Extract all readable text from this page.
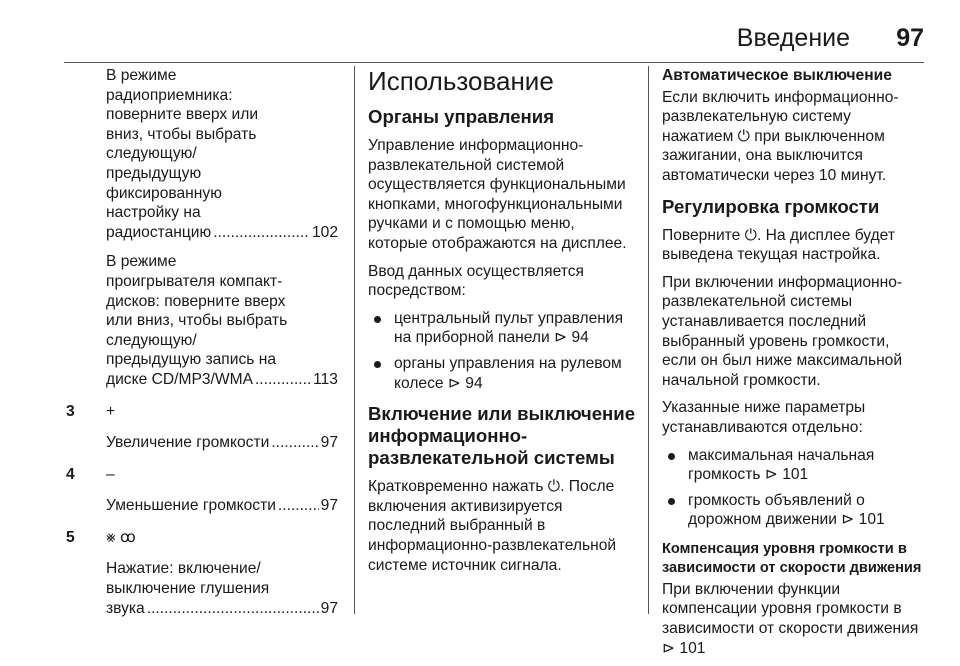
Введение 97
В режиме
радиоприемника:
поверните вверх или
вниз, чтобы выбрать
следующую/
предыдущую
фиксированную
настройку на
радиостанцию .....	102
В режиме
проигрывателя компакт-
дисков: поверните вверх
или вниз, чтобы выбрать
следующую/
предыдущую запись на
диске CD/MP3/WMA .....	113
3	+
Увеличение громкости .....	97
4	–
Уменьшение громкости .....	97
5	⨳ ꝏ
Нажатие: включение/
выключение глушения
звука .....	97
Использование
Органы управления

Управление информационно-развлекательной системой осуществляется функциональными кнопками, многофункциональными ручками и с помощью меню, которые отображаются на дисплее.

Ввод данных осуществляется посредством:

центральный пульт управления на приборной панели ⊳ 94
органы управления на рулевом колесе ⊳ 94
Включение или выключение информационно-развлекательной системы

Кратковременно нажать ⏻. После включения активизируется последний выбранный в информационно-развлекательной системе источник сигнала.

Автоматическое выключение

Если включить информационно-развлекательную систему нажатием ⏻ при выключенном зажигании, она выключится автоматически через 10 минут.

Регулировка громкости

Поверните ⏻. На дисплее будет выведена текущая настройка.

При включении информационно-развлекательной системы устанавливается последний выбранный уровень громкости, если он был ниже максимальной начальной громкости.

Указанные ниже параметры устанавливаются отдельно:

максимальная начальная громкость ⊳ 101
громкость объявлений о дорожном движении ⊳ 101
Компенсация уровня громкости в зависимости от скорости движения

При включении функции компенсации уровня громкости в зависимости от скорости движения ⊳ 101
